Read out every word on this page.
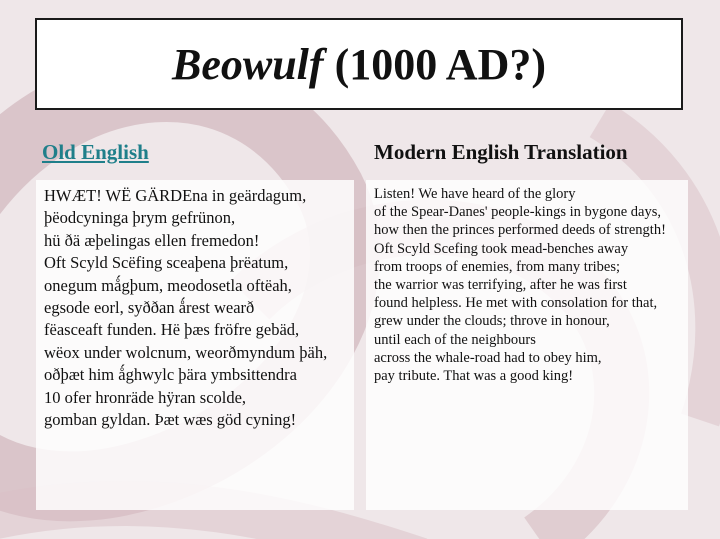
Beowulf (1000 AD?)
Old English	Modern English Translation
HWÆT! WË GÄRDEna in geärdagum,
þëodcyninga þrym gefrünon,
hü ðä æþelingas ellen fremedon!
Oft Scyld Scëfing sceaþena þrëatum,
onegum mǻgþum, meodosetla oftëah,
egsode eorl, syððan ǻrest wearð
fëasceaft funden. Hë þæs fröfre gebäd,
wëox under wolcnum, weorðmyndum þäh,
oðþæt him ǻghwylc þära ymbsittendra
10 ofer hronräde hÿran scolde,
gomban gyldan. Þæt wæs göd cyning!
Listen! We have heard of the glory
of the Spear-Danes' people-kings in bygone days,
how then the princes performed deeds of strength!
Oft Scyld Scefing took mead-benches away
from troops of enemies, from many tribes;
the warrior was terrifying, after he was first
found helpless. He met with consolation for that,
grew under the clouds; throve in honour,
until each of the neighbours
across the whale-road had to obey him,
pay tribute. That was a good king!
